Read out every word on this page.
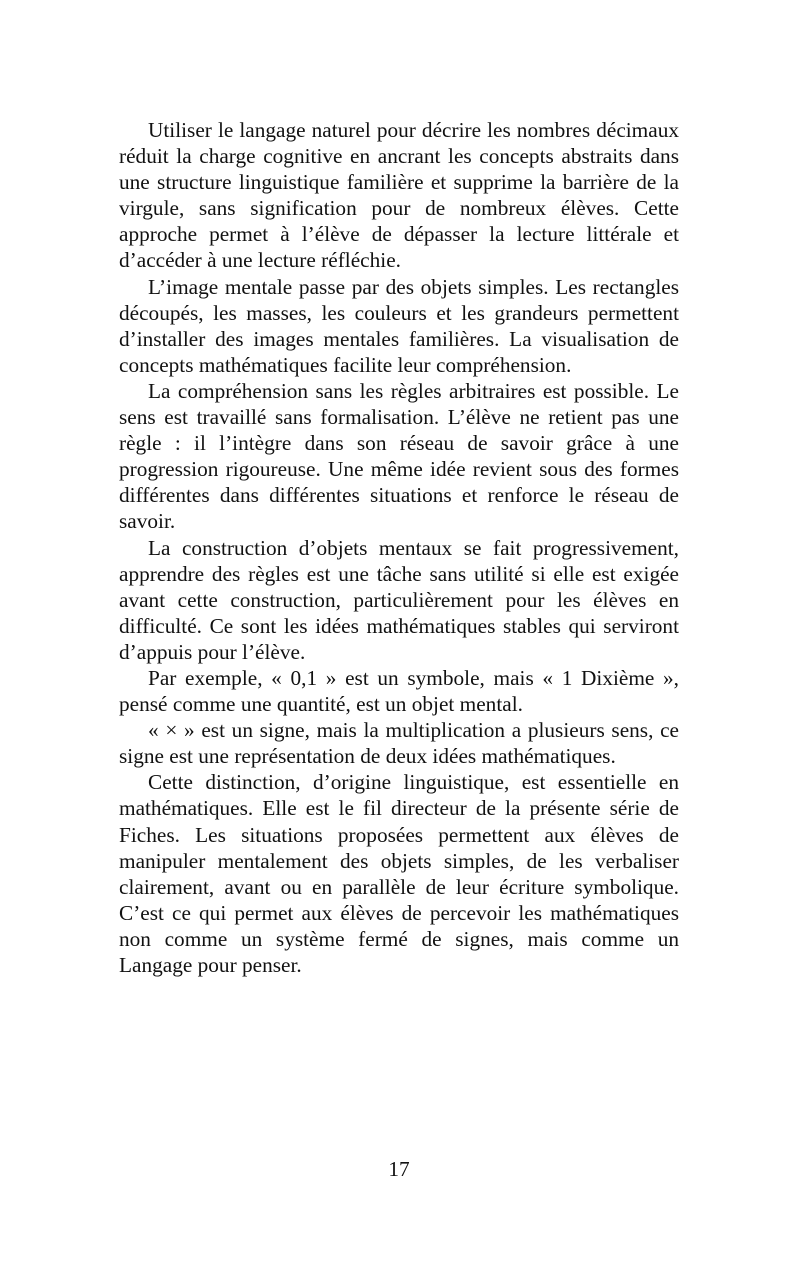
Utiliser le langage naturel pour décrire les nombres décimaux réduit la charge cognitive en ancrant les concepts abstraits dans une structure linguistique familière et supprime la barrière de la virgule, sans signification pour de nombreux élèves. Cette approche permet à l’élève de dépasser la lecture littérale et d’accéder à une lecture réfléchie.

L’image mentale passe par des objets simples. Les rectangles découpés, les masses, les couleurs et les grandeurs permettent d’installer des images mentales familières. La visualisation de concepts mathématiques facilite leur compréhension.

La compréhension sans les règles arbitraires est possible. Le sens est travaillé sans formalisation. L’élève ne retient pas une règle : il l’intègre dans son réseau de savoir grâce à une progression rigoureuse. Une même idée revient sous des formes différentes dans différentes situations et renforce le réseau de savoir.

La construction d’objets mentaux se fait progressivement, apprendre des règles est une tâche sans utilité si elle est exigée avant cette construction, particulièrement pour les élèves en difficulté. Ce sont les idées mathématiques stables qui serviront d’appuis pour l’élève.

Par exemple, « 0,1 » est un symbole, mais « 1 Dixième », pensé comme une quantité, est un objet mental.

« × » est un signe, mais la multiplication a plusieurs sens, ce signe est une représentation de deux idées mathématiques.

Cette distinction, d’origine linguistique, est essentielle en mathématiques. Elle est le fil directeur de la présente série de Fiches. Les situations proposées permettent aux élèves de manipuler mentalement des objets simples, de les verbaliser clairement, avant ou en parallèle de leur écriture symbolique. C’est ce qui permet aux élèves de percevoir les mathématiques non comme un système fermé de signes, mais comme un Langage pour penser.

17
